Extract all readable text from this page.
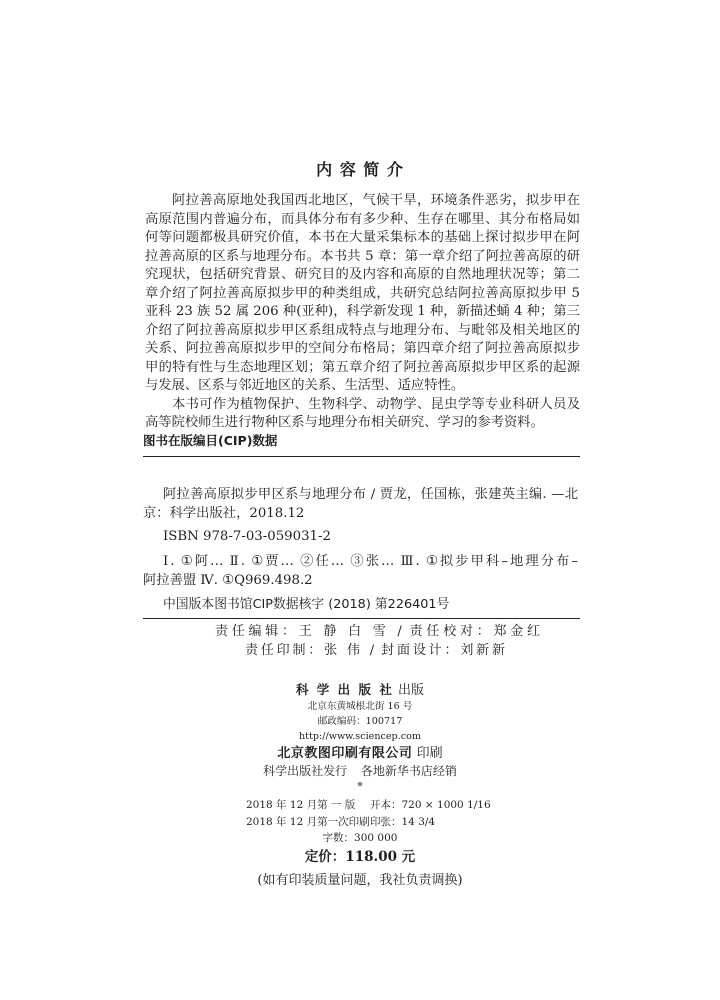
内 容 简 介
阿拉善高原地处我国西北地区，气候干旱，环境条件恶劣，拟步甲在
高原范围内普遍分布，而具体分布有多少种、生存在哪里、其分布格局如
何等问题都极具研究价值，本书在大量采集标本的基础上探讨拟步甲在阿
拉善高原的区系与地理分布。本书共 5 章：第一章介绍了阿拉善高原的研
究现状，包括研究背景、研究目的及内容和高原的自然地理状况等；第二
章介绍了阿拉善高原拟步甲的种类组成，共研究总结阿拉善高原拟步甲 5
亚科 23 族 52 属 206 种(亚种)，科学新发现 1 种，新描述蛹 4 种；第三
介绍了阿拉善高原拟步甲区系组成特点与地理分布、与毗邻及相关地区的
关系、阿拉善高原拟步甲的空间分布格局；第四章介绍了阿拉善高原拟步
甲的特有性与生态地理区划；第五章介绍了阿拉善高原拟步甲区系的起源
与发展、区系与邻近地区的关系、生活型、适应特性。
本书可作为植物保护、生物科学、动物学、昆虫学等专业科研人员及
高等院校师生进行物种区系与地理分布相关研究、学习的参考资料。
图书在版编目(CIP)数据
阿拉善高原拟步甲区系与地理分布 / 贾龙，任国栋，张建英主编. —北
京：科学出版社，2018.12
ISBN 978-7-03-059031-2
Ⅰ. ①阿… Ⅱ. ①贾… ②任… ③张… Ⅲ. ①拟步甲科–地理分布–
阿拉善盟 Ⅳ. ①Q969.498.2
中国版本图书馆CIP数据核字 (2018) 第226401号
责任编辑：王 静 白 雪 / 责任校对：郑金红
责任印制：张 伟 / 封面设计：刘新新
科 学 出 版 社 出版
北京东黄城根北街 16 号
邮政编码：100717
http://www.sciencep.com
北京教图印刷有限公司 印刷
科学出版社发行 各地新华书店经销
*
2018 年 12 月第 一 版 开本：720 × 1000 1/16
2018 年 12 月第一次印刷 印张：14 3/4
字数：300 000
定价：118.00 元
(如有印装质量问题，我社负责调换)
